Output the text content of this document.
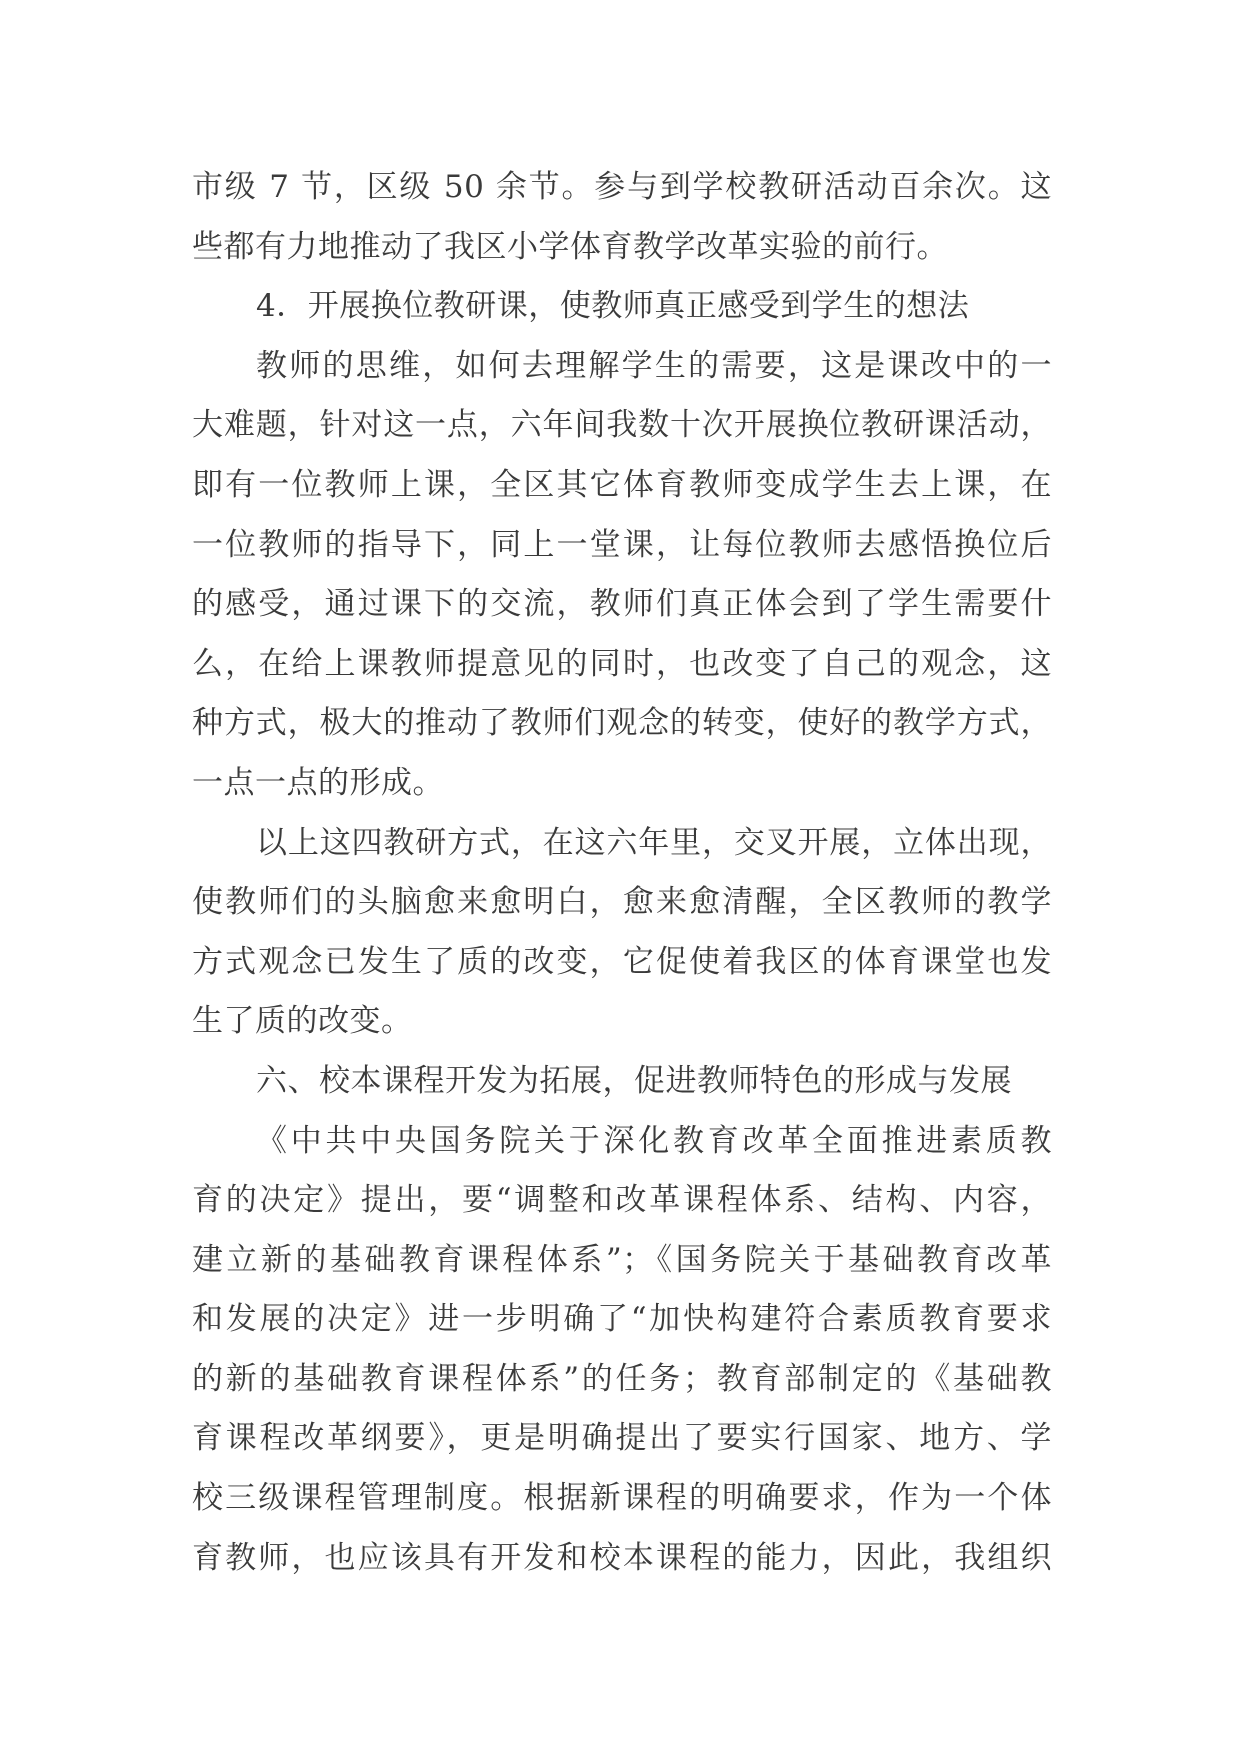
市级 7 节，区级 50 余节。参与到学校教研活动百余次。这
些都有力地推动了我区小学体育教学改革实验的前行。
4．开展换位教研课，使教师真正感受到学生的想法
教师的思维，如何去理解学生的需要，这是课改中的一
大难题，针对这一点，六年间我数十次开展换位教研课活动，
即有一位教师上课，全区其它体育教师变成学生去上课，在
一位教师的指导下，同上一堂课，让每位教师去感悟换位后
的感受，通过课下的交流，教师们真正体会到了学生需要什
么，在给上课教师提意见的同时，也改变了自己的观念，这
种方式，极大的推动了教师们观念的转变，使好的教学方式，
一点一点的形成。
以上这四教研方式，在这六年里，交叉开展，立体出现，
使教师们的头脑愈来愈明白，愈来愈清醒，全区教师的教学
方式观念已发生了质的改变，它促使着我区的体育课堂也发
生了质的改变。
六、校本课程开发为拓展，促进教师特色的形成与发展
《中共中央国务院关于深化教育改革全面推进素质教
育的决定》提出，要“调整和改革课程体系、结构、内容，
建立新的基础教育课程体系”；《国务院关于基础教育改革
和发展的决定》进一步明确了“加快构建符合素质教育要求
的新的基础教育课程体系”的任务；教育部制定的《基础教
育课程改革纲要》，更是明确提出了要实行国家、地方、学
校三级课程管理制度。根据新课程的明确要求，作为一个体
育教师，也应该具有开发和校本课程的能力，因此，我组织
